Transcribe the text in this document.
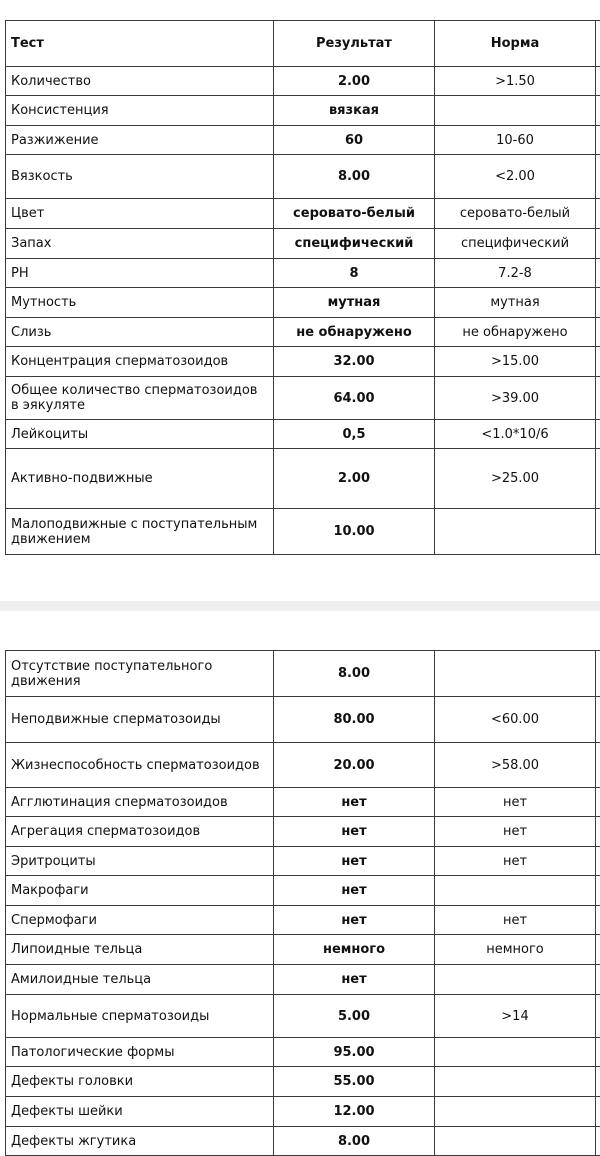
Тест	Результат	Норма	
Количество	2.00	>1.50	
Консистенция	вязкая		
Разжижение	60	10-60	
Вязкость	8.00	<2.00	
Цвет	серовато-белый	серовато-белый	
Запах	специфический	специфический	
PH	8	7.2-8	
Мутность	мутная	мутная	
Слизь	не обнаружено	не обнаружено	
Концентрация сперматозоидов	32.00	>15.00	
Общее количество сперматозоидов в эякуляте	64.00	>39.00	
Лейкоциты	0,5	<1.0*10/6	
Активно-подвижные	2.00	>25.00	
Малоподвижные с поступательным движением	10.00		
Отсутствие поступательного движения	8.00		
Неподвижные сперматозоиды	80.00	<60.00	
Жизнеспособность сперматозоидов	20.00	>58.00	
Агглютинация сперматозоидов	нет	нет	
Агрегация сперматозоидов	нет	нет	
Эритроциты	нет	нет	
Макрофаги	нет		
Спермофаги	нет	нет	
Липоидные тельца	немного	немного	
Амилоидные тельца	нет		
Нормальные сперматозоиды	5.00	>14	
Патологические формы	95.00		
Дефекты головки	55.00		
Дефекты шейки	12.00		
Дефекты жгутика	8.00		
